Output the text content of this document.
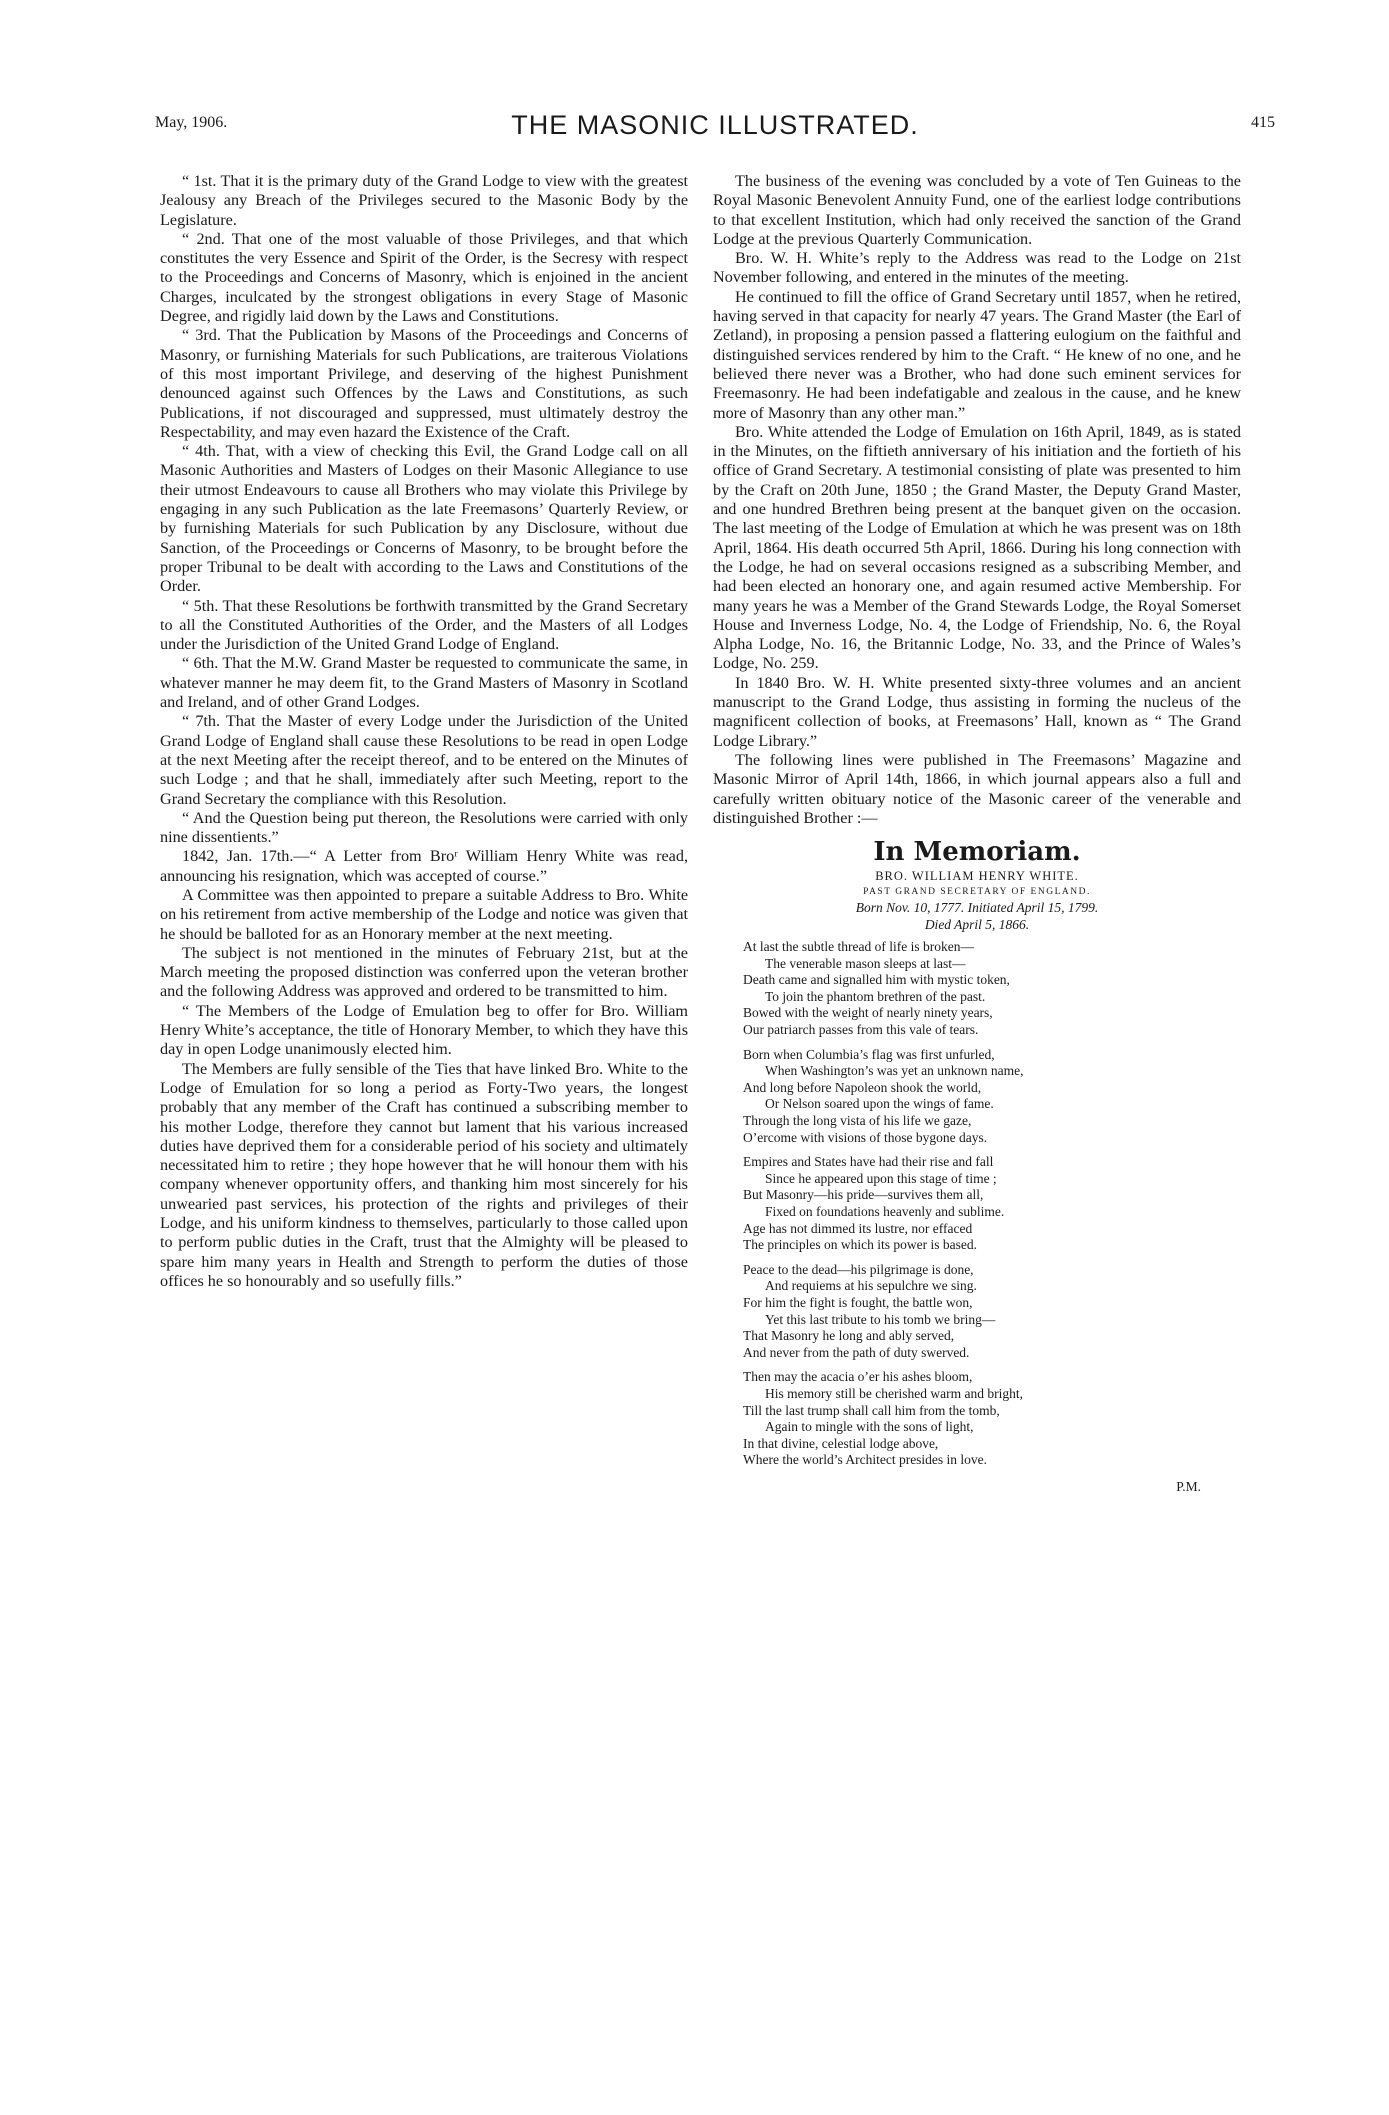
May, 1906.	THE MASONIC ILLUSTRATED.	415

“ 1st. That it is the primary duty of the Grand Lodge to view with the greatest Jealousy any Breach of the Privileges secured to the Masonic Body by the Legislature.

“ 2nd. That one of the most valuable of those Privileges, and that which constitutes the very Essence and Spirit of the Order, is the Secresy with respect to the Proceedings and Concerns of Masonry, which is enjoined in the ancient Charges, inculcated by the strongest obligations in every Stage of Masonic Degree, and rigidly laid down by the Laws and Constitutions.

“ 3rd. That the Publication by Masons of the Proceedings and Concerns of Masonry, or furnishing Materials for such Publications, are traiterous Violations of this most important Privilege, and deserving of the highest Punishment denounced against such Offences by the Laws and Constitutions, as such Publications, if not discouraged and suppressed, must ultimately destroy the Respectability, and may even hazard the Existence of the Craft.

“ 4th. That, with a view of checking this Evil, the Grand Lodge call on all Masonic Authorities and Masters of Lodges on their Masonic Allegiance to use their utmost Endeavours to cause all Brothers who may violate this Privilege by engaging in any such Publication as the late Freemasons’ Quarterly Review, or by furnishing Materials for such Publication by any Disclosure, without due Sanction, of the Proceedings or Concerns of Masonry, to be brought before the proper Tribunal to be dealt with according to the Laws and Constitutions of the Order.

“ 5th. That these Resolutions be forthwith transmitted by the Grand Secretary to all the Constituted Authorities of the Order, and the Masters of all Lodges under the Jurisdiction of the United Grand Lodge of England.

“ 6th. That the M.W. Grand Master be requested to communicate the same, in whatever manner he may deem fit, to the Grand Masters of Masonry in Scotland and Ireland, and of other Grand Lodges.

“ 7th. That the Master of every Lodge under the Jurisdiction of the United Grand Lodge of England shall cause these Resolutions to be read in open Lodge at the next Meeting after the receipt thereof, and to be entered on the Minutes of such Lodge ; and that he shall, immediately after such Meeting, report to the Grand Secretary the compliance with this Resolution.

“ And the Question being put thereon, the Resolutions were carried with only nine dissentients.”

1842, Jan. 17th.—“ A Letter from Broʳ William Henry White was read, announcing his resignation, which was accepted of course.”

A Committee was then appointed to prepare a suitable Address to Bro. White on his retirement from active membership of the Lodge and notice was given that he should be balloted for as an Honorary member at the next meeting.

The subject is not mentioned in the minutes of February 21st, but at the March meeting the proposed distinction was conferred upon the veteran brother and the following Address was approved and ordered to be transmitted to him.

“ The Members of the Lodge of Emulation beg to offer for Bro. William Henry White’s acceptance, the title of Honorary Member, to which they have this day in open Lodge unanimously elected him.

The Members are fully sensible of the Ties that have linked Bro. White to the Lodge of Emulation for so long a period as Forty-Two years, the longest probably that any member of the Craft has continued a subscribing member to his mother Lodge, therefore they cannot but lament that his various increased duties have deprived them for a considerable period of his society and ultimately necessitated him to retire ; they hope however that he will honour them with his company whenever opportunity offers, and thanking him most sincerely for his unwearied past services, his protection of the rights and privileges of their Lodge, and his uniform kindness to themselves, particularly to those called upon to perform public duties in the Craft, trust that the Almighty will be pleased to spare him many years in Health and Strength to perform the duties of those offices he so honourably and so usefully fills.”

The business of the evening was concluded by a vote of Ten Guineas to the Royal Masonic Benevolent Annuity Fund, one of the earliest lodge contributions to that excellent Institution, which had only received the sanction of the Grand Lodge at the previous Quarterly Communication.

Bro. W. H. White’s reply to the Address was read to the Lodge on 21st November following, and entered in the minutes of the meeting.

He continued to fill the office of Grand Secretary until 1857, when he retired, having served in that capacity for nearly 47 years. The Grand Master (the Earl of Zetland), in proposing a pension passed a flattering eulogium on the faithful and distinguished services rendered by him to the Craft. “ He knew of no one, and he believed there never was a Brother, who had done such eminent services for Freemasonry. He had been indefatigable and zealous in the cause, and he knew more of Masonry than any other man.”

Bro. White attended the Lodge of Emulation on 16th April, 1849, as is stated in the Minutes, on the fiftieth anniversary of his initiation and the fortieth of his office of Grand Secretary. A testimonial consisting of plate was presented to him by the Craft on 20th June, 1850 ; the Grand Master, the Deputy Grand Master, and one hundred Brethren being present at the banquet given on the occasion. The last meeting of the Lodge of Emulation at which he was present was on 18th April, 1864. His death occurred 5th April, 1866. During his long connection with the Lodge, he had on several occasions resigned as a subscribing Member, and had been elected an honorary one, and again resumed active Membership. For many years he was a Member of the Grand Stewards Lodge, the Royal Somerset House and Inverness Lodge, No. 4, the Lodge of Friendship, No. 6, the Royal Alpha Lodge, No. 16, the Britannic Lodge, No. 33, and the Prince of Wales’s Lodge, No. 259.

In 1840 Bro. W. H. White presented sixty-three volumes and an ancient manuscript to the Grand Lodge, thus assisting in forming the nucleus of the magnificent collection of books, at Freemasons’ Hall, known as “ The Grand Lodge Library.”

The following lines were published in The Freemasons’ Magazine and Masonic Mirror of April 14th, 1866, in which journal appears also a full and carefully written obituary notice of the Masonic career of the venerable and distinguished Brother :—

In Memoriam.
BRO. WILLIAM HENRY WHITE.
PAST GRAND SECRETARY OF ENGLAND.
Born Nov. 10, 1777. Initiated April 15, 1799.
Died April 5, 1866.
At last the subtle thread of life is broken—
The venerable mason sleeps at last—
Death came and signalled him with mystic token,
To join the phantom brethren of the past.
Bowed with the weight of nearly ninety years,
Our patriarch passes from this vale of tears.
Born when Columbia’s flag was first unfurled,
When Washington’s was yet an unknown name,
And long before Napoleon shook the world,
Or Nelson soared upon the wings of fame.
Through the long vista of his life we gaze,
O’ercome with visions of those bygone days.
Empires and States have had their rise and fall
Since he appeared upon this stage of time ;
But Masonry—his pride—survives them all,
Fixed on foundations heavenly and sublime.
Age has not dimmed its lustre, nor effaced
The principles on which its power is based.
Peace to the dead—his pilgrimage is done,
And requiems at his sepulchre we sing.
For him the fight is fought, the battle won,
Yet this last tribute to his tomb we bring—
That Masonry he long and ably served,
And never from the path of duty swerved.
Then may the acacia o’er his ashes bloom,
His memory still be cherished warm and bright,
Till the last trump shall call him from the tomb,
Again to mingle with the sons of light,
In that divine, celestial lodge above,
Where the world’s Architect presides in love.
P.M.
